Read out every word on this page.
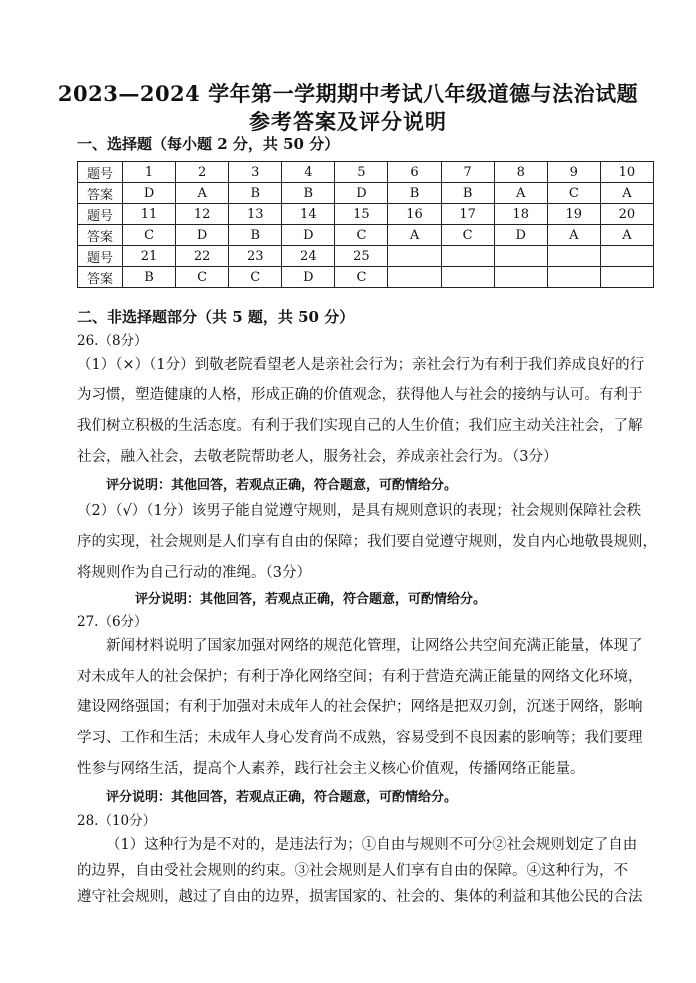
2023—2024 学年第一学期期中考试八年级道德与法治试题
参考答案及评分说明
一、选择题（每小题 2 分，共 50 分）
题号	1	2	3	4	5	6	7	8	9	10
答案	D	A	B	B	D	B	B	A	C	A
题号	11	12	13	14	15	16	17	18	19	20
答案	C	D	B	D	C	A	C	D	A	A
题号	21	22	23	24	25					
答案	B	C	C	D	C					
二、非选择题部分（共 5 题，共 50 分）
26.（8分）
（1）（×）（1分）到敬老院看望老人是亲社会行为；亲社会行为有利于我们养成良好的行
为习惯，塑造健康的人格，形成正确的价值观念，获得他人与社会的接纳与认可。有利于
我们树立积极的生活态度。有利于我们实现自己的人生价值；我们应主动关注社会，了解
社会，融入社会，去敬老院帮助老人，服务社会，养成亲社会行为。（3分）
评分说明：其他回答，若观点正确，符合题意，可酌情给分。
（2）（√）（1分）该男子能自觉遵守规则，是具有规则意识的表现；社会规则保障社会秩
序的实现，社会规则是人们享有自由的保障；我们要自觉遵守规则，发自内心地敬畏规则，
将规则作为自己行动的准绳。（3分）
评分说明：其他回答，若观点正确，符合题意，可酌情给分。
27.（6分）
新闻材料说明了国家加强对网络的规范化管理，让网络公共空间充满正能量，体现了
对未成年人的社会保护；有利于净化网络空间；有利于营造充满正能量的网络文化环境，
建设网络强国；有利于加强对未成年人的社会保护；网络是把双刃剑，沉迷于网络，影响
学习、工作和生活；未成年人身心发育尚不成熟，容易受到不良因素的影响等；我们要理
性参与网络生活，提高个人素养，践行社会主义核心价值观，传播网络正能量。
评分说明：其他回答，若观点正确，符合题意，可酌情给分。
28.（10分）
（1）这种行为是不对的，是违法行为；①自由与规则不可分②社会规则划定了自由
的边界，自由受社会规则的约束。③社会规则是人们享有自由的保障。④这种行为，不
遵守社会规则，越过了自由的边界，损害国家的、社会的、集体的利益和其他公民的合法
